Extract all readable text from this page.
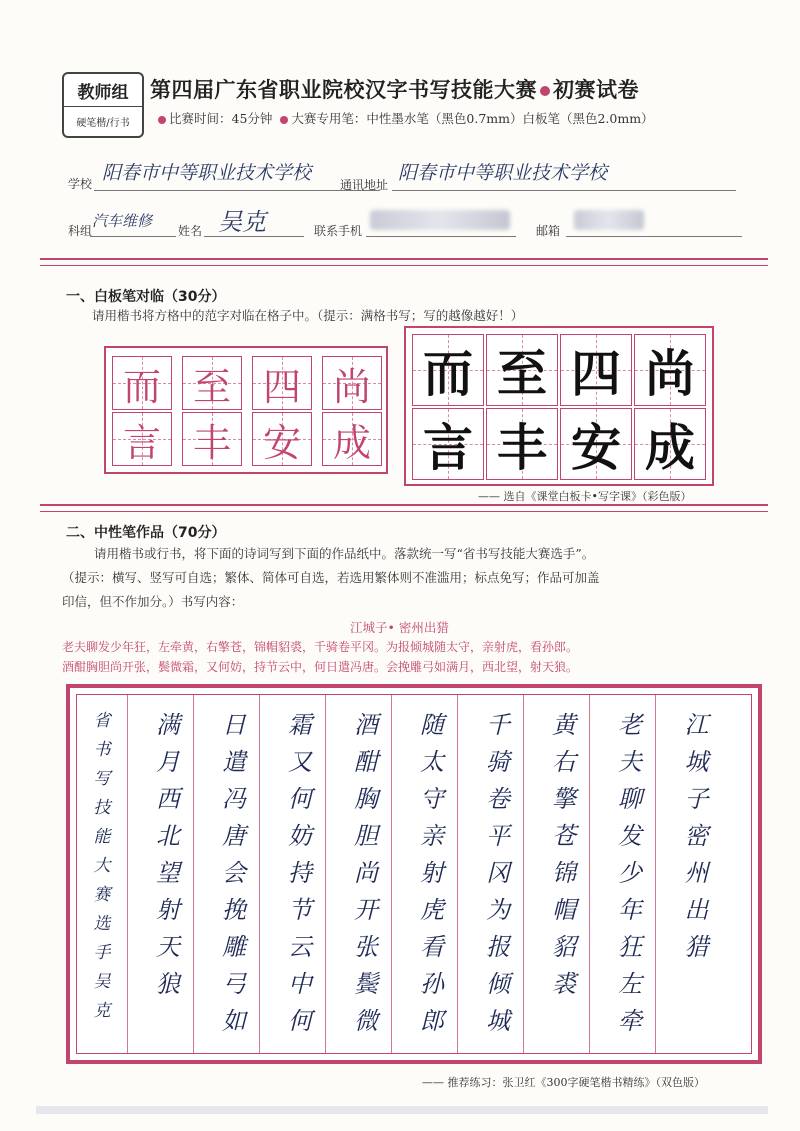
教师组
硬笔楷/行书
第四届广东省职业院校汉字书写技能大赛 初赛试卷
比赛时间：45分钟 大赛专用笔：中性墨水笔（黑色0.7mm）白板笔（黑色2.0mm）
学校 阳春市中等职业技术学校
通讯地址
阳春市中等职业技术学校
科组
汽车维修
姓名 吴克	联系手机	邮箱
一、白板笔对临（30分）
请用楷书将方格中的范字对临在格子中。（提示：满格书写；写的越像越好！）
而 至 四 尚
言 丰 安 成
而 至 四 尚
言 丰 安 成
—— 选自《课堂白板卡•写字课》（彩色版）
二、中性笔作品（70分）
请用楷书或行书，将下面的诗词写到下面的作品纸中。落款统一写“省书写技能大赛选手”。
（提示：横写、竖写可自选；繁体、简体可自选，若选用繁体则不准滥用；标点免写；作品可加盖
印信，但不作加分。）书写内容：
江城子• 密州出猎
老夫聊发少年狂，左牵黄，右擎苍，锦帽貂裘，千骑卷平冈。为报倾城随太守，亲射虎，看孙郎。
酒酣胸胆尚开张，鬓微霜，又何妨，持节云中，何日遣冯唐。会挽雕弓如满月，西北望，射天狼。
省
书
写
技
能
大
赛
选
手
吴
克
满
月
西
北
望
射
天
狼
日
遣
冯
唐
会
挽
雕
弓
如
霜
又
何
妨
持
节
云
中
何
酒
酣
胸
胆
尚
开
张
鬓
微
随
太
守
亲
射
虎
看
孙
郎
千
骑
卷
平
冈
为
报
倾
城
黄
右
擎
苍
锦
帽
貂
裘
老
夫
聊
发
少
年
狂
左
牵
江
城
子
密
州
出
猎
—— 推荐练习：张卫红《300字硬笔楷书精练》（双色版）
